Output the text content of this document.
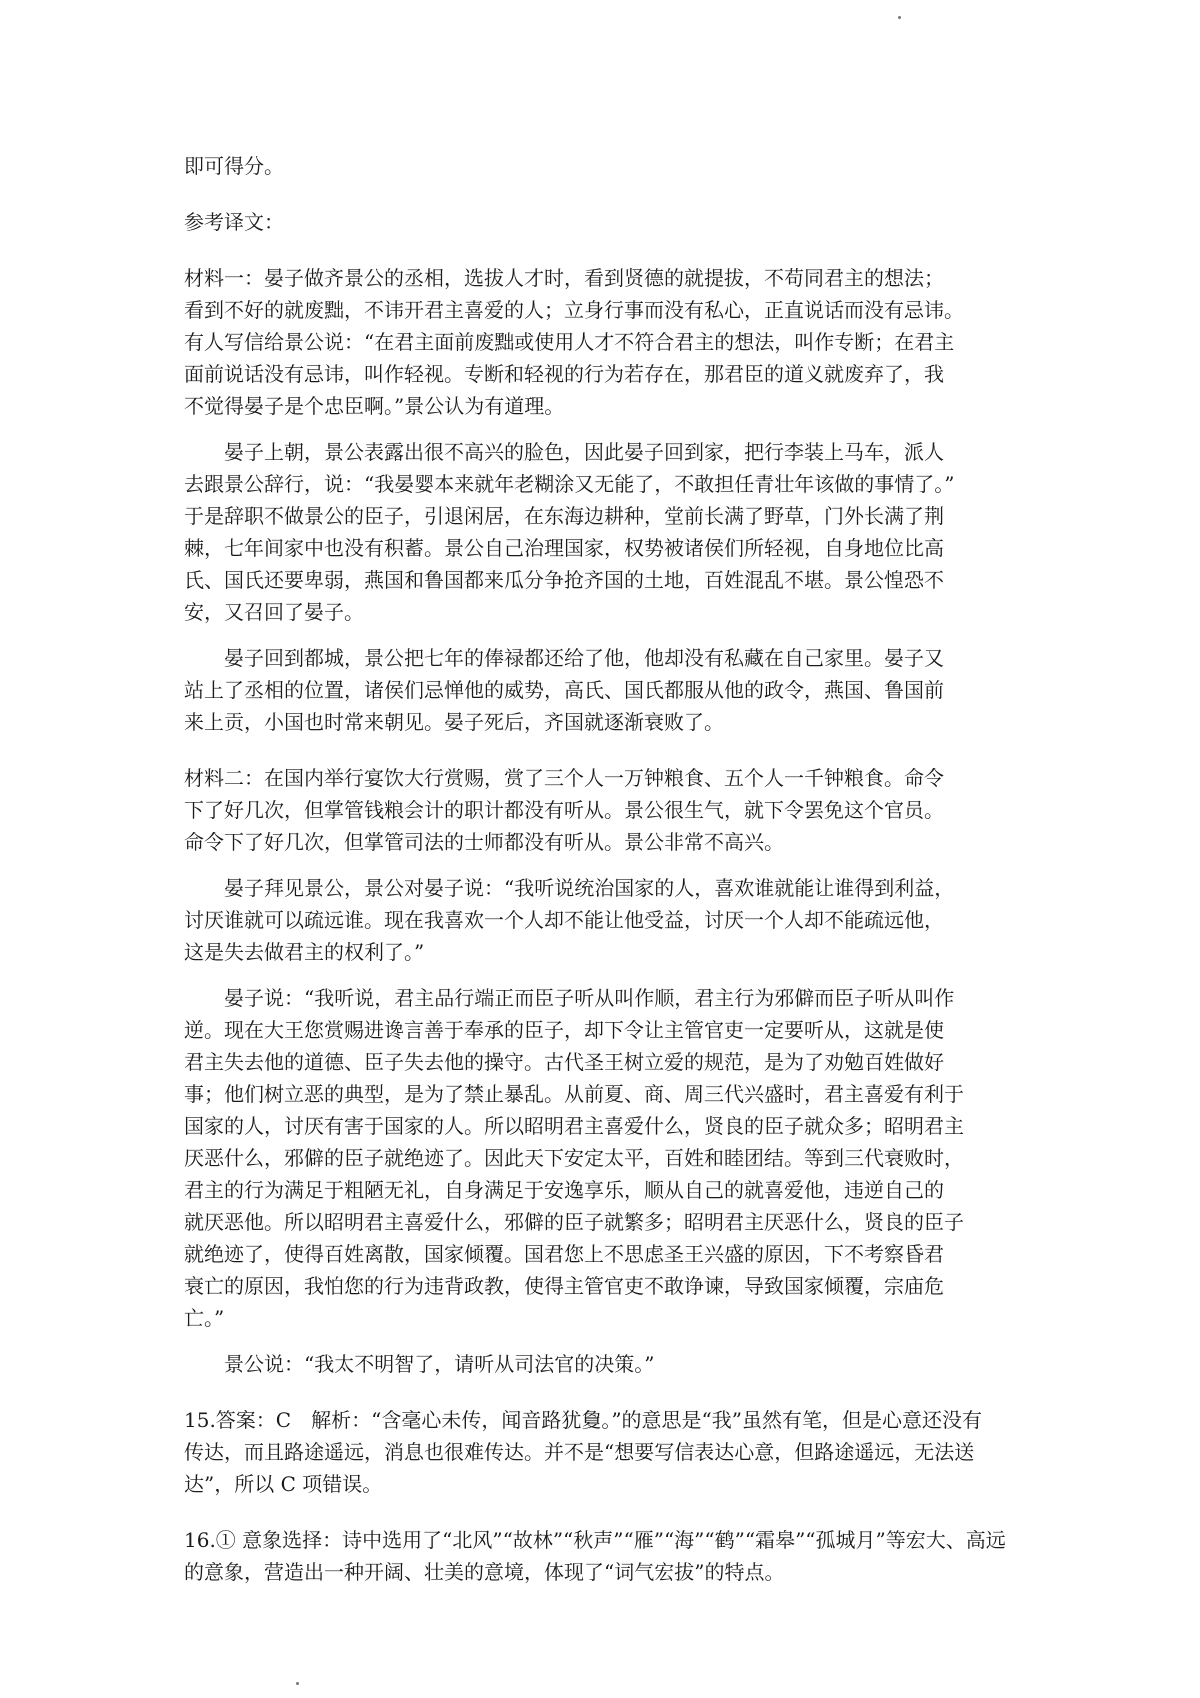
即可得分。

参考译文：

材料一：晏子做齐景公的丞相，选拔人才时，看到贤德的就提拔，不苟同君主的想法；

看到不好的就废黜，不讳开君主喜爱的人；立身行事而没有私心，正直说话而没有忌讳。

有人写信给景公说：“在君主面前废黜或使用人才不符合君主的想法，叫作专断；在君主

面前说话没有忌讳，叫作轻视。专断和轻视的行为若存在，那君臣的道义就废弃了，我

不觉得晏子是个忠臣啊。”景公认为有道理。

晏子上朝，景公表露出很不高兴的脸色，因此晏子回到家，把行李装上马车，派人

去跟景公辞行，说：“我晏婴本来就年老糊涂又无能了，不敢担任青壮年该做的事情了。”

于是辞职不做景公的臣子，引退闲居，在东海边耕种，堂前长满了野草，门外长满了荆

棘，七年间家中也没有积蓄。景公自己治理国家，权势被诸侯们所轻视，自身地位比高

氏、国氏还要卑弱，燕国和鲁国都来瓜分争抢齐国的土地，百姓混乱不堪。景公惶恐不

安，又召回了晏子。

晏子回到都城，景公把七年的俸禄都还给了他，他却没有私藏在自己家里。晏子又

站上了丞相的位置，诸侯们忌惮他的威势，高氏、国氏都服从他的政令，燕国、鲁国前

来上贡，小国也时常来朝见。晏子死后，齐国就逐渐衰败了。

材料二：在国内举行宴饮大行赏赐，赏了三个人一万钟粮食、五个人一千钟粮食。命令

下了好几次，但掌管钱粮会计的职计都没有听从。景公很生气，就下令罢免这个官员。

命令下了好几次，但掌管司法的士师都没有听从。景公非常不高兴。

晏子拜见景公，景公对晏子说：“我听说统治国家的人，喜欢谁就能让谁得到利益，

讨厌谁就可以疏远谁。现在我喜欢一个人却不能让他受益，讨厌一个人却不能疏远他，

这是失去做君主的权利了。”

晏子说：“我听说，君主品行端正而臣子听从叫作顺，君主行为邪僻而臣子听从叫作

逆。现在大王您赏赐进谗言善于奉承的臣子，却下令让主管官吏一定要听从，这就是使

君主失去他的道德、臣子失去他的操守。古代圣王树立爱的规范，是为了劝勉百姓做好

事；他们树立恶的典型，是为了禁止暴乱。从前夏、商、周三代兴盛时，君主喜爱有利于

国家的人，讨厌有害于国家的人。所以昭明君主喜爱什么，贤良的臣子就众多；昭明君主

厌恶什么，邪僻的臣子就绝迹了。因此天下安定太平，百姓和睦团结。等到三代衰败时，

君主的行为满足于粗陋无礼，自身满足于安逸享乐，顺从自己的就喜爱他，违逆自己的

就厌恶他。所以昭明君主喜爱什么，邪僻的臣子就繁多；昭明君主厌恶什么，贤良的臣子

就绝迹了，使得百姓离散，国家倾覆。国君您上不思虑圣王兴盛的原因，下不考察昏君

衰亡的原因，我怕您的行为违背政教，使得主管官吏不敢诤谏，导致国家倾覆，宗庙危

亡。”

景公说：“我太不明智了，请听从司法官的决策。”

15.答案：C　解析：“含毫心未传，闻音路犹敻。”的意思是“我”虽然有笔，但是心意还没有

传达，而且路途遥远，消息也很难传达。并不是“想要写信表达心意，但路途遥远，无法送

达”，所以 C 项错误。

16.① 意象选择：诗中选用了“北风”“故林”“秋声”“雁”“海”“鹤”“霜皋”“孤城月”等宏大、高远

的意象，营造出一种开阔、壮美的意境，体现了“词气宏拔”的特点。
